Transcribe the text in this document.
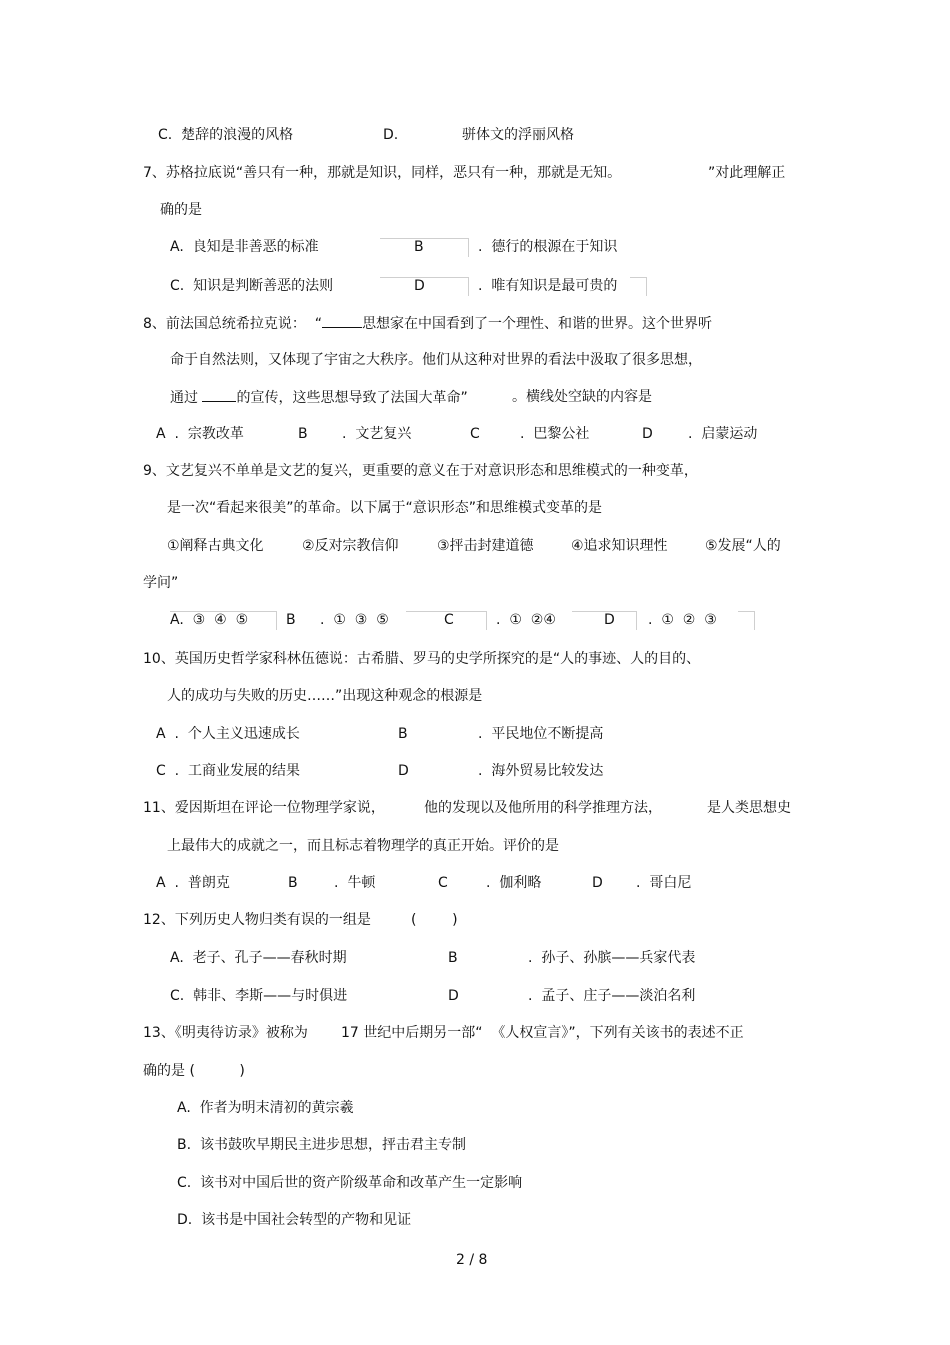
C.  楚辞的浪漫的风格	D.	骈体文的浮丽风格
7、苏格拉底说“善只有一种，那就是知识，同样，恶只有一种，那就是无知。	”对此理解正
确的是
A.  良知是非善恶的标准	B	.  德行的根源在于知识
C.  知识是判断善恶的法则	D	.  唯有知识是最可贵的
8、前法国总统希拉克说：  “	思想家在中国看到了一个理性、和谐的世界。这个世界听
命于自然法则，又体现了宇宙之大秩序。他们从这种对世界的看法中汲取了很多思想，
通过 的宣传，这些思想导致了法国大革命”	。横线处空缺的内容是
A  .  宗教改革	B .  文艺复兴	C	.  巴黎公社	D	.  启蒙运动
9、文艺复兴不单单是文艺的复兴，更重要的意义在于对意识形态和思维模式的一种变革，
是一次“看起来很美”的革命。以下属于“意识形态”和思维模式变革的是
①阐释古典文化	②反对宗教信仰	③抨击封建道德	④追求知识理性	⑤发展“人的
学问”
A.  ③  ④  ⑤	B .  ①  ③  ⑤	C	.  ①  ②④	D .  ①  ②  ③
10、英国历史哲学家科林伍德说：古希腊、罗马的史学所探究的是“人的事迹、人的目的、
人的成功与失败的历史……”出现这种观念的根源是
A  .  个人主义迅速成长	B	.  平民地位不断提高
C  .  工商业发展的结果	D	.  海外贸易比较发达
11、爱因斯坦在评论一位物理学家说，	他的发现以及他所用的科学推理方法，	是人类思想史
上最伟大的成就之一，而且标志着物理学的真正开始。评价的是
A  .  普朗克	B	.  牛顿	C	.  伽利略	D .  哥白尼
12、下列历史人物归类有误的一组是	(        )
A.  老子、孔子——春秋时期	B	.  孙子、孙膑——兵家代表
C.  韩非、李斯——与时俱进	D	.  孟子、庄子——淡泊名利
13、《明夷待访录》被称为 17 世纪中后期另一部“  《人权宣言》”，下列有关该书的表述不正
确的是 (          )
A.  作者为明末清初的黄宗羲
B.  该书鼓吹早期民主进步思想，抨击君主专制
C.  该书对中国后世的资产阶级革命和改革产生一定影响
D.  该书是中国社会转型的产物和见证
2 / 8
